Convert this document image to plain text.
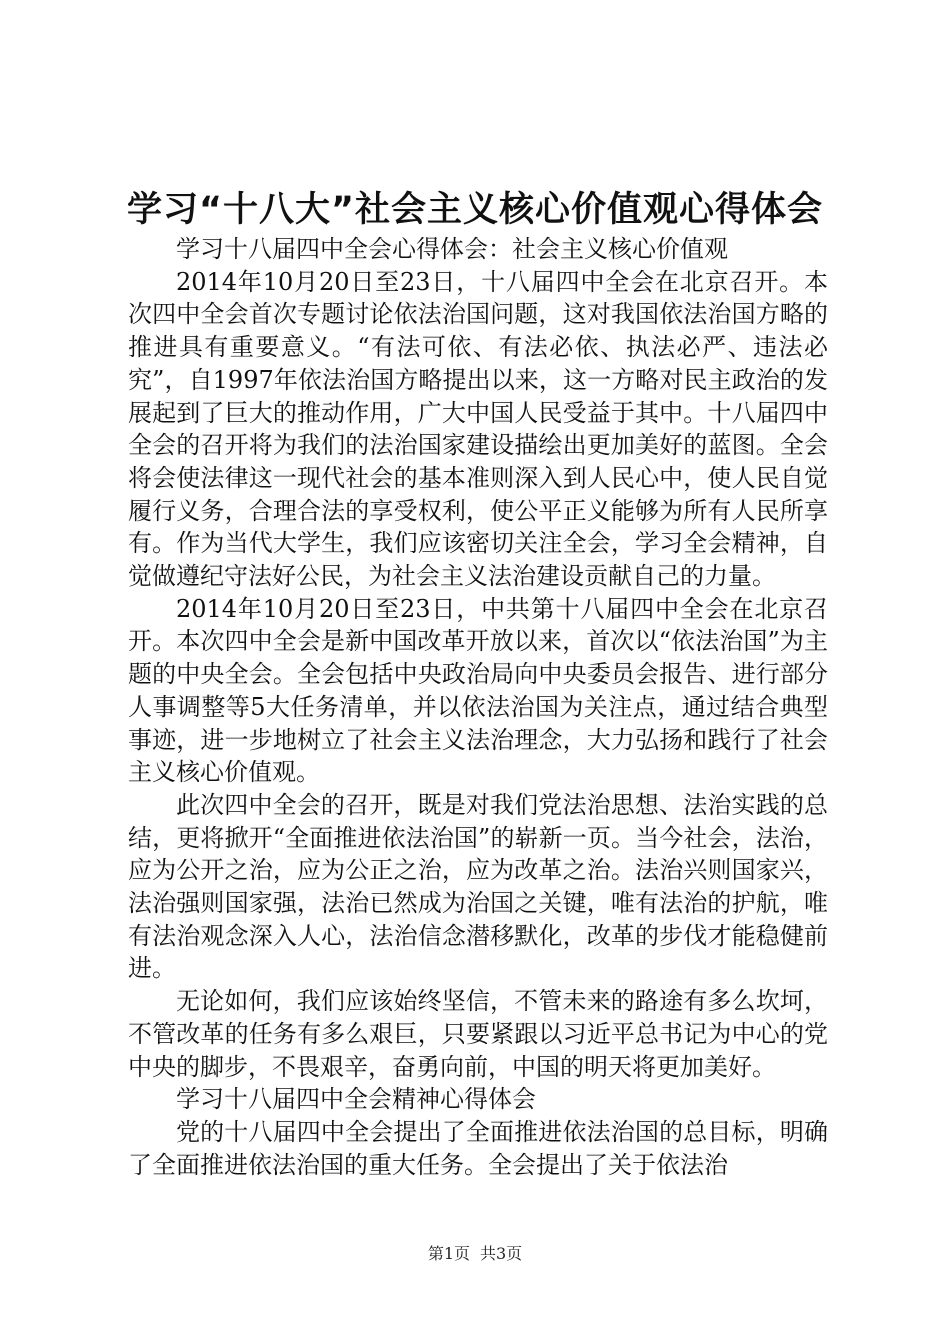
学习“十八大”社会主义核心价值观心得体会

学习十八届四中全会心得体会：社会主义核心价值观

2014年10月20日至23日，十八届四中全会在北京召开。本次四中全会首次专题讨论依法治国问题，这对我国依法治国方略的推进具有重要意义。“有法可依、有法必依、执法必严、违法必究”，自1997年依法治国方略提出以来，这一方略对民主政治的发展起到了巨大的推动作用，广大中国人民受益于其中。十八届四中全会的召开将为我们的法治国家建设描绘出更加美好的蓝图。全会将会使法律这一现代社会的基本准则深入到人民心中，使人民自觉履行义务，合理合法的享受权利，使公平正义能够为所有人民所享有。作为当代大学生，我们应该密切关注全会，学习全会精神，自觉做遵纪守法好公民，为社会主义法治建设贡献自己的力量。

2014年10月20日至23日，中共第十八届四中全会在北京召开。本次四中全会是新中国改革开放以来，首次以“依法治国”为主题的中央全会。全会包括中央政治局向中央委员会报告、进行部分人事调整等5大任务清单，并以依法治国为关注点，通过结合典型事迹，进一步地树立了社会主义法治理念，大力弘扬和践行了社会主义核心价值观。

此次四中全会的召开，既是对我们党法治思想、法治实践的总结，更将掀开“全面推进依法治国”的崭新一页。当今社会，法治，应为公开之治，应为公正之治，应为改革之治。法治兴则国家兴，法治强则国家强，法治已然成为治国之关键，唯有法治的护航，唯有法治观念深入人心，法治信念潜移默化，改革的步伐才能稳健前进。

无论如何，我们应该始终坚信，不管未来的路途有多么坎坷，不管改革的任务有多么艰巨，只要紧跟以习近平总书记为中心的党中央的脚步，不畏艰辛，奋勇向前，中国的明天将更加美好。

学习十八届四中全会精神心得体会

党的十八届四中全会提出了全面推进依法治国的总目标，明确了全面推进依法治国的重大任务。全会提出了关于依法治

第1页 共3页
